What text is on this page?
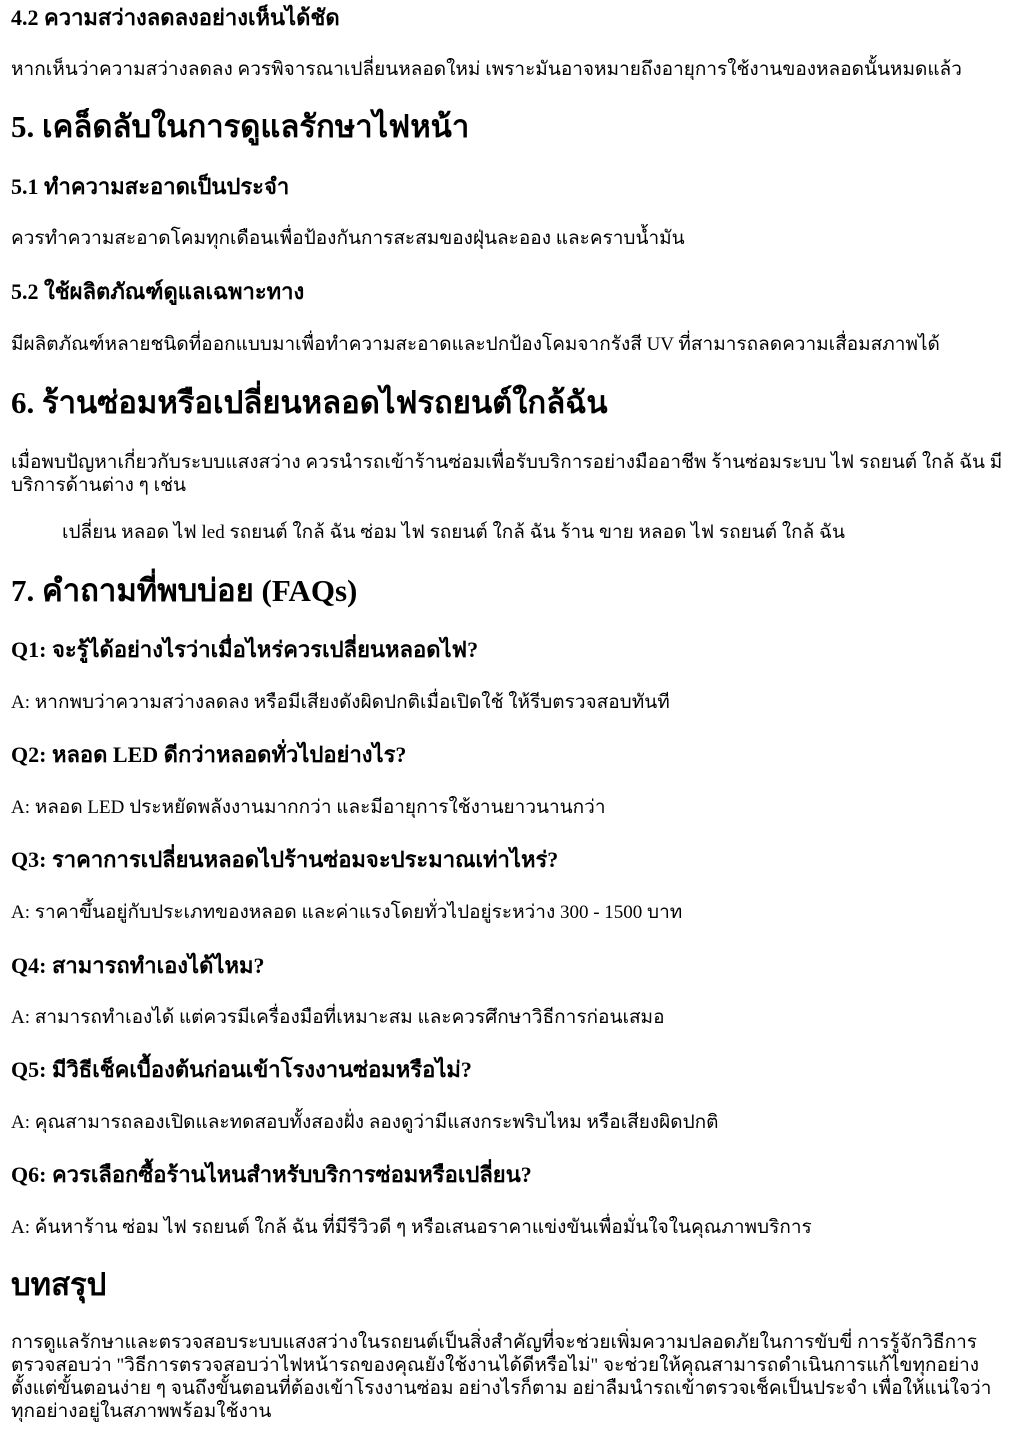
4.2 ความสว่างลดลงอย่างเห็นได้ชัด

หากเห็นว่าความสว่างลดลง ควรพิจารณาเปลี่ยนหลอดใหม่ เพราะมันอาจหมายถึงอายุการใช้งานของหลอดนั้นหมดแล้ว

5. เคล็ดลับในการดูแลรักษาไฟหน้า
5.1 ทำความสะอาดเป็นประจำ

ควรทำความสะอาดโคมทุกเดือนเพื่อป้องกันการสะสมของฝุ่นละออง และคราบน้ำมัน

5.2 ใช้ผลิตภัณฑ์ดูแลเฉพาะทาง

มีผลิตภัณฑ์หลายชนิดที่ออกแบบมาเพื่อทำความสะอาดและปกป้องโคมจากรังสี UV ที่สามารถลดความเสื่อมสภาพได้

6. ร้านซ่อมหรือเปลี่ยนหลอดไฟรถยนต์ใกล้ฉัน

เมื่อพบปัญหาเกี่ยวกับระบบแสงสว่าง ควรนำรถเข้าร้านซ่อมเพื่อรับบริการอย่างมืออาชีพ ร้านซ่อมระบบ ไฟ รถยนต์ ใกล้ ฉัน มีบริการด้านต่าง ๆ เช่น

เปลี่ยน หลอด ไฟ led รถยนต์ ใกล้ ฉัน ซ่อม ไฟ รถยนต์ ใกล้ ฉัน ร้าน ขาย หลอด ไฟ รถยนต์ ใกล้ ฉัน
7. คำถามที่พบบ่อย (FAQs)
Q1: จะรู้ได้อย่างไรว่าเมื่อไหร่ควรเปลี่ยนหลอดไฟ?

A: หากพบว่าความสว่างลดลง หรือมีเสียงดังผิดปกติเมื่อเปิดใช้ ให้รีบตรวจสอบทันที

Q2: หลอด LED ดีกว่าหลอดทั่วไปอย่างไร?

A: หลอด LED ประหยัดพลังงานมากกว่า และมีอายุการใช้งานยาวนานกว่า

Q3: ราคาการเปลี่ยนหลอดไปร้านซ่อมจะประมาณเท่าไหร่?

A: ราคาขึ้นอยู่กับประเภทของหลอด และค่าแรงโดยทั่วไปอยู่ระหว่าง 300 - 1500 บาท

Q4: สามารถทำเองได้ไหม?

A: สามารถทำเองได้ แต่ควรมีเครื่องมือที่เหมาะสม และควรศึกษาวิธีการก่อนเสมอ

Q5: มีวิธีเช็คเบื้องต้นก่อนเข้าโรงงานซ่อมหรือไม่?

A: คุณสามารถลองเปิดและทดสอบทั้งสองฝั่ง ลองดูว่ามีแสงกระพริบไหม หรือเสียงผิดปกติ

Q6: ควรเลือกซื้อร้านไหนสำหรับบริการซ่อมหรือเปลี่ยน?

A: ค้นหาร้าน ซ่อม ไฟ รถยนต์ ใกล้ ฉัน ที่มีรีวิวดี ๆ หรือเสนอราคาแข่งขันเพื่อมั่นใจในคุณภาพบริการ

บทสรุป

การดูแลรักษาและตรวจสอบระบบแสงสว่างในรถยนต์เป็นสิ่งสำคัญที่จะช่วยเพิ่มความปลอดภัยในการขับขี่ การรู้จักวิธีการตรวจสอบว่า "วิธีการตรวจสอบว่าไฟหน้ารถของคุณยังใช้งานได้ดีหรือไม่" จะช่วยให้คุณสามารถดำเนินการแก้ไขทุกอย่างตั้งแต่ขั้นตอนง่าย ๆ จนถึงขั้นตอนที่ต้องเข้าโรงงานซ่อม อย่างไรก็ตาม อย่าลืมนำรถเข้าตรวจเช็คเป็นประจำ เพื่อให้แน่ใจว่าทุกอย่างอยู่ในสภาพพร้อมใช้งาน
